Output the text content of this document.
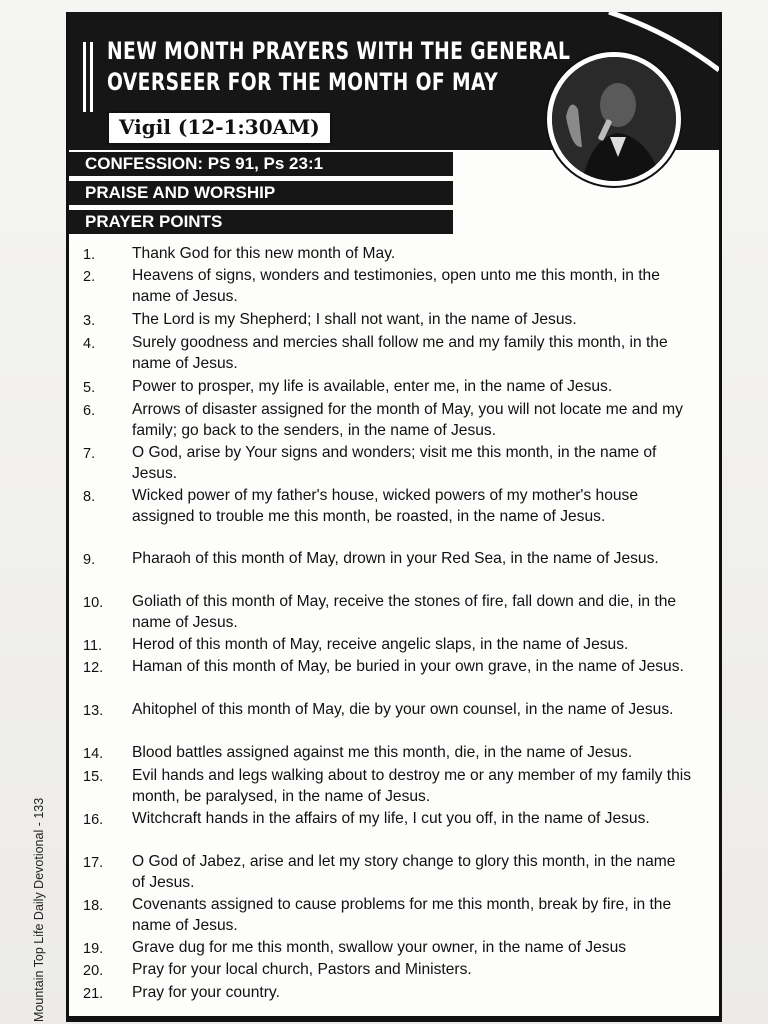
Mountain Top Life Daily Devotional - 133
NEW MONTH PRAYERS WITH THE GENERAL
OVERSEER FOR THE MONTH OF MAY
Vigil (12-1:30AM)
CONFESSION: PS 91, Ps 23:1
PRAISE AND WORSHIP
PRAYER POINTS
1.	Thank God for this new month of May.
2.	Heavens of signs, wonders and testimonies, open unto me this month, in the name of Jesus.
3.	The Lord is my Shepherd; I shall not want, in the name of Jesus.
4.	Surely goodness and mercies shall follow me and my family this month, in the name of Jesus.
5.	Power to prosper, my life is available, enter me, in the name of Jesus.
6.	Arrows of disaster assigned for the month of May, you will not locate me and my family; go back to the senders, in the name of Jesus.
7.	O God, arise by Your signs and wonders; visit me this month, in the name of Jesus.
8.	Wicked power of my father's house, wicked powers of my mother's house assigned to trouble me this month, be roasted, in the name of Jesus.
9.	Pharaoh of this month of May, drown in your Red Sea, in the name of Jesus.
10.	Goliath of this month of May, receive the stones of fire, fall down and die, in the name of Jesus.
11.	Herod of this month of May, receive angelic slaps, in the name of Jesus.
12.	Haman of this month of May, be buried in your own grave, in the name of Jesus.
13.	Ahitophel of this month of May, die by your own counsel, in the name of Jesus.
14.	Blood battles assigned against me this month, die, in the name of Jesus.
15.	Evil hands and legs walking about to destroy me or any member of my family this month, be paralysed, in the name of Jesus.
16.	Witchcraft hands in the affairs of my life, I cut you off, in the name of Jesus.
17.	O God of Jabez, arise and let my story change to glory this month, in the name of Jesus.
18.	Covenants assigned to cause problems for me this month, break by fire, in the name of Jesus.
19.	Grave dug for me this month, swallow your owner, in the name of Jesus
20.	Pray for your local church, Pastors and Ministers.
21.	Pray for your country.
